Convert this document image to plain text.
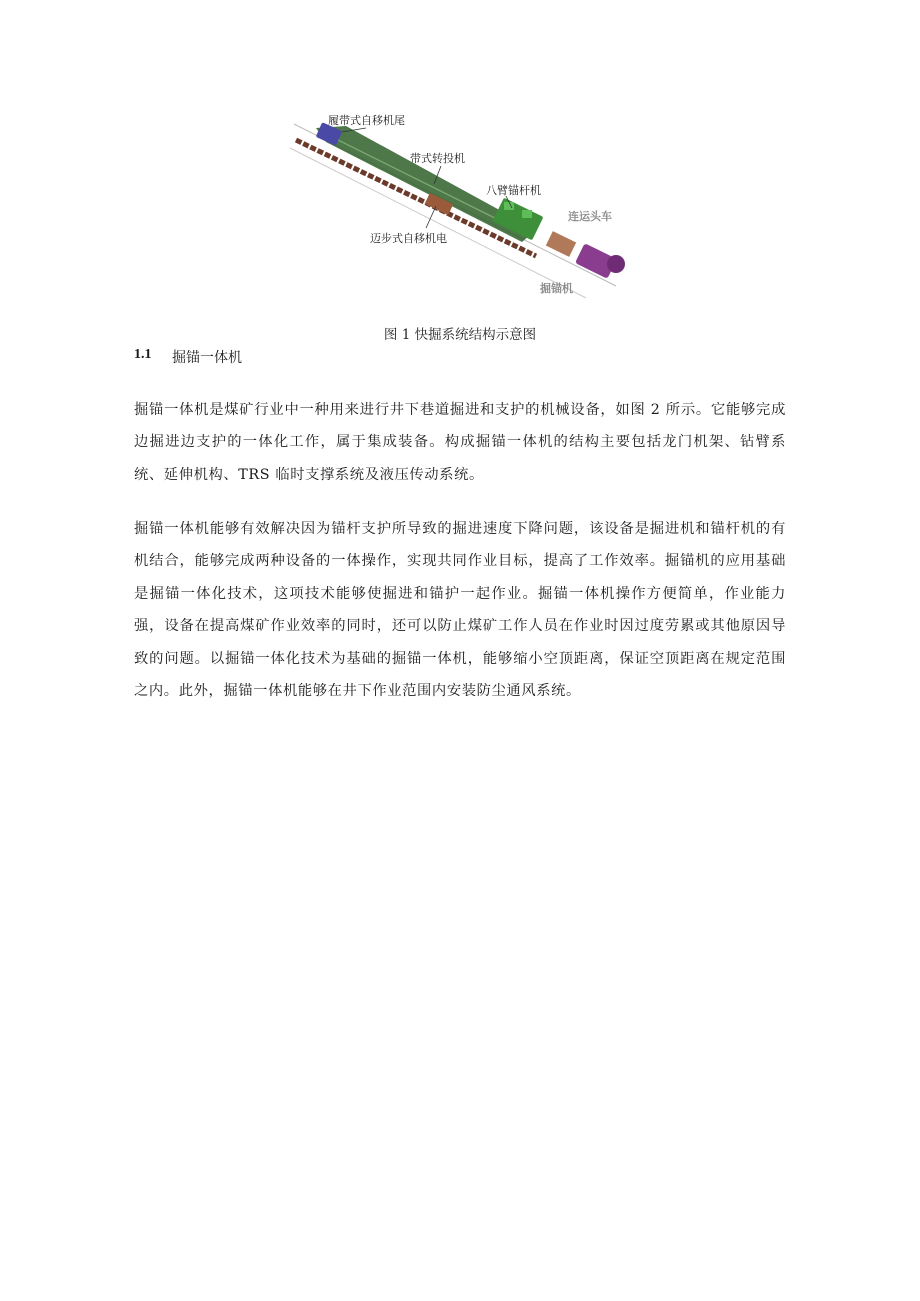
履带式自移机尾
带式转投机
八臂锚杆机
连运头车
迈步式自移机电
掘锚机
图 1 快掘系统结构示意图
1.1	掘锚一体机

掘锚一体机是煤矿行业中一种用来进行井下巷道掘进和支护的机械设备，如图 2 所示。它能够完成边掘进边支护的一体化工作，属于集成装备。构成掘锚一体机的结构主要包括龙门机架、钻臂系统、延伸机构、TRS 临时支撑系统及液压传动系统。

掘锚一体机能够有效解决因为锚杆支护所导致的掘进速度下降问题，该设备是掘进机和锚杆机的有机结合，能够完成两种设备的一体操作，实现共同作业目标，提高了工作效率。掘锚机的应用基础是掘锚一体化技术，这项技术能够使掘进和锚护一起作业。掘锚一体机操作方便简单，作业能力强，设备在提高煤矿作业效率的同时，还可以防止煤矿工作人员在作业时因过度劳累或其他原因导致的问题。以掘锚一体化技术为基础的掘锚一体机，能够缩小空顶距离，保证空顶距离在规定范围之内。此外，掘锚一体机能够在井下作业范围内安装防尘通风系统。
